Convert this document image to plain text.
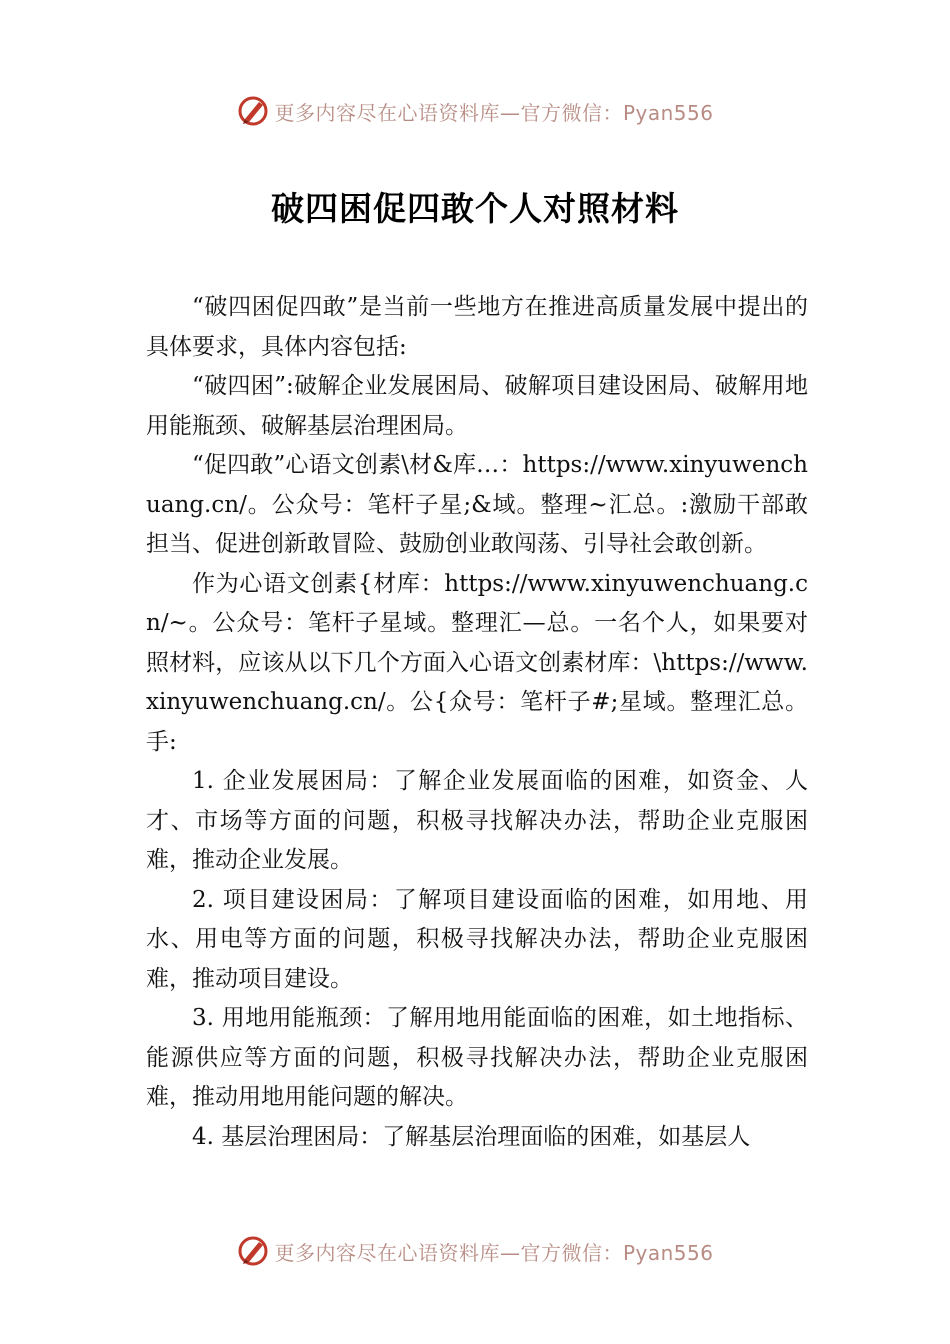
更多内容尽在心语资料库—官方微信：Pyan556
破四困促四敢个人对照材料

“破四困促四敢”是当前一些地方在推进高质量发展中提出的具体要求，具体内容包括:

“破四困”:破解企业发展困局、破解项目建设困局、破解用地用能瓶颈、破解基层治理困局。

“促四敢”心语文创素\材&库…：https://www.xinyuwenchuang.cn/。公众号：笔杆子星;&域。整理~汇总。:激励干部敢担当、促进创新敢冒险、鼓励创业敢闯荡、引导社会敢创新。

作为心语文创素{材库：https://www.xinyuwenchuang.cn/~。公众号：笔杆子星域。整理汇—总。一名个人，如果要对照材料，应该从以下几个方面入心语文创素材库：\https://www.xinyuwenchuang.cn/。公{众号：笔杆子#;星域。整理汇总。手:

1. 企业发展困局：了解企业发展面临的困难，如资金、人才、市场等方面的问题，积极寻找解决办法，帮助企业克服困难，推动企业发展。

2. 项目建设困局：了解项目建设面临的困难，如用地、用水、用电等方面的问题，积极寻找解决办法，帮助企业克服困难，推动项目建设。

3. 用地用能瓶颈：了解用地用能面临的困难，如土地指标、能源供应等方面的问题，积极寻找解决办法，帮助企业克服困难，推动用地用能问题的解决。

4. 基层治理困局：了解基层治理面临的困难，如基层人

更多内容尽在心语资料库—官方微信：Pyan556
